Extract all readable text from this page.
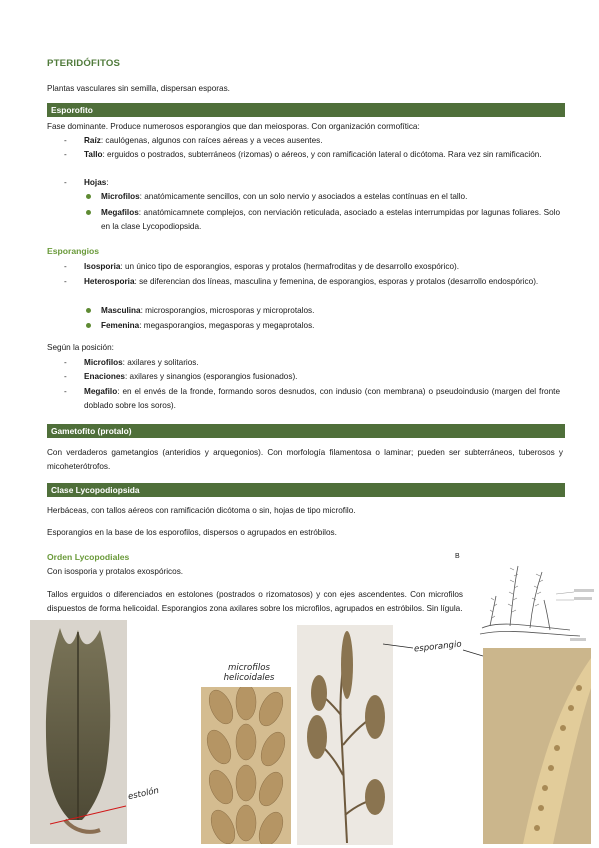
PTERIDÓFITOS
Plantas vasculares sin semilla, dispersan esporas.
Esporofito
Fase dominante. Produce numerosos esporangios que dan meiosporas. Con organización cormofítica:
- Raíz: caulógenas, algunos con raíces aéreas y a veces ausentes.
- Tallo: erguidos o postrados, subterráneos (rizomas) o aéreos, y con ramificación lateral o dicótoma. Rara vez sin ramificación.
- Hojas:
Microfilos: anatómicamente sencillos, con un solo nervio y asociados a estelas contínuas en el tallo.
Megafilos: anatómicamnete complejos, con nerviación reticulada, asociado a estelas interrumpidas por lagunas foliares. Solo en la clase Lycopodiopsida.
Esporangios
- Isosporia: un único tipo de esporangios, esporas y protalos (hermafroditas y de desarrollo exospórico).
- Heterosporia: se diferencian dos líneas, masculina y femenina, de esporangios, esporas y protalos (desarrollo endospórico).
Masculina: microsporangios, microsporas y microprotalos.
Femenina: megasporangios, megasporas y megaprotalos.
Según la posición:
- Microfilos: axilares y solitarios.
- Enaciones: axilares y sinangios (esporangios fusionados).
- Megafilo: en el envés de la fronde, formando soros desnudos, con indusio (con membrana) o pseudoindusio (margen del fronte doblado sobre los soros).
Gametofito (protalo)
Con verdaderos gametangios (anteridios y arquegonios). Con morfología filamentosa o laminar; pueden ser subterráneos, tuberosos y micoheterótrofos.
Clase Lycopodiopsida
Herbáceas, con tallos aéreos con ramificación dicótoma o sin, hojas de tipo microfilo.
Esporangios en la base de los esporofilos, dispersos o agrupados en estróbilos.
Orden Lycopodiales
Con isosporia y protalos exospóricos.
Tallos erguidos o diferenciados en estolones (postrados o rizomatosos) y con ejes ascendentes. Con microfilos dispuestos de forma helicoidal. Esporangios zona axilares sobre los microfilos, agrupados en estróbilos. Sin lígula.
B
estolón
microfilos helicoidales
esporangio
